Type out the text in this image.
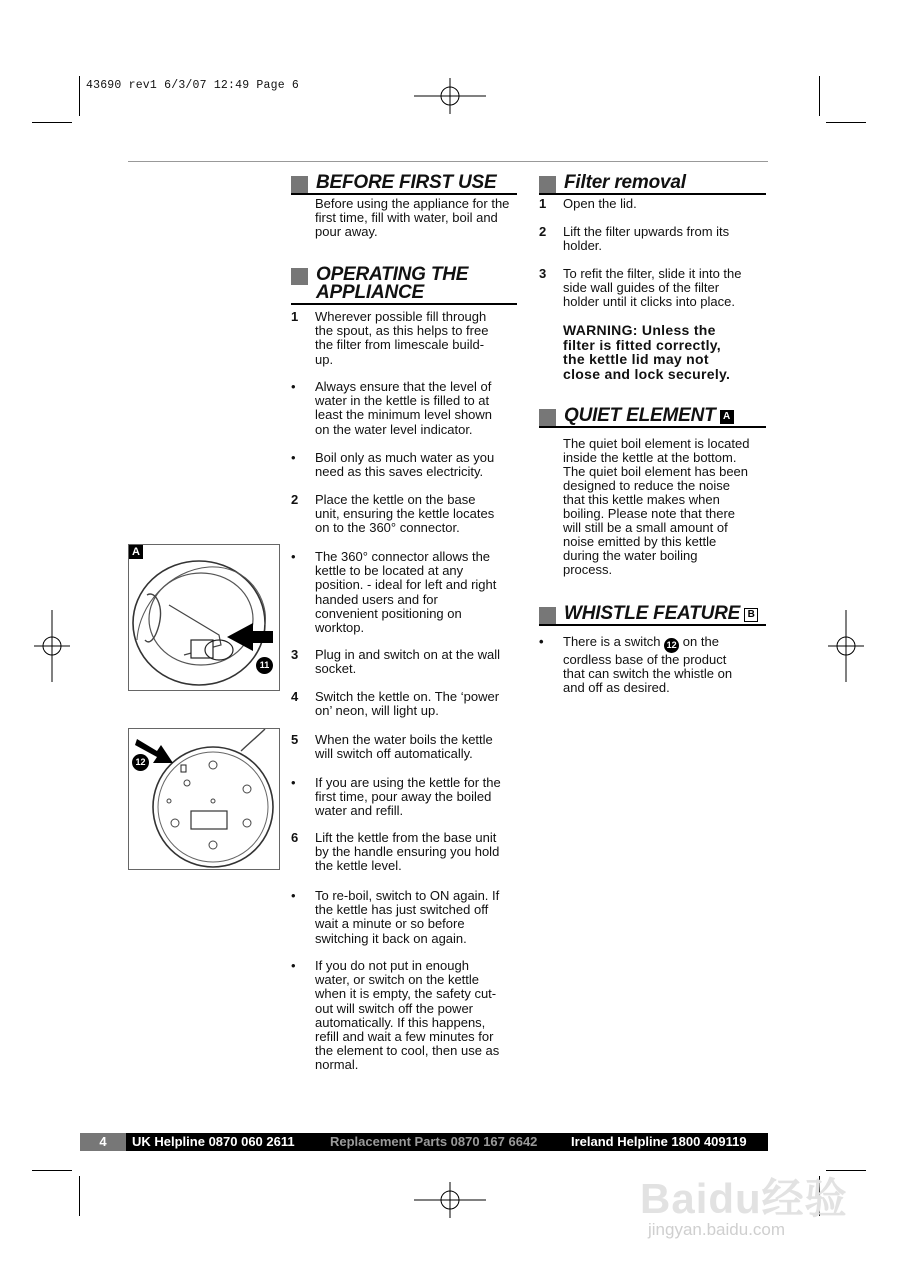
43690 rev1 6/3/07 12:49 Page 6
BEFORE FIRST USE
Before using the appliance for the first time, fill with water, boil and pour away.
OPERATING THE
APPLIANCE
1	Wherever possible fill through
the spout, as this helps to free
the filter from limescale build-
up.
•	Always ensure that the level of
water in the kettle is filled to at
least the minimum level shown
on the water level indicator.
•	Boil only as much water as you
need as this saves electricity.
2	Place the kettle on the base
unit, ensuring the kettle locates
on to the 360° connector.
•	The 360° connector allows the
kettle to be located at any
position. - ideal for left and right
handed users and for
convenient positioning on
worktop.
3	Plug in and switch on at the wall
socket.
4	Switch the kettle on. The ‘power
on’ neon, will light up.
5	When the water boils the kettle
will switch off automatically.
•	If you are using the kettle for the
first time, pour away the boiled
water and refill.
6	Lift the kettle from the base unit
by the handle ensuring you hold
the kettle level.
•	To re-boil, switch to ON again. If
the kettle has just switched off
wait a minute or so before
switching it back on again.
•	If you do not put in enough
water, or switch on the kettle
when it is empty, the safety cut-
out will switch off the power
automatically. If this happens,
refill and wait a few minutes for
the element to cool, then use as
normal.
A
11
12
Filter removal
1	Open the lid.
2	Lift the filter upwards from its
holder.
3	To refit the filter, slide it into the
side wall guides of the filter
holder until it clicks into place.
WARNING: Unless the
filter is fitted correctly,
the kettle lid may not
close and lock securely.
QUIET ELEMENT A
The quiet boil element is located
inside the kettle at the bottom.
The quiet boil element has been
designed to reduce the noise
that this kettle makes when
boiling. Please note that there
will still be a small amount of
noise emitted by this kettle
during the water boiling
process.
WHISTLE FEATURE B
•	There is a switch 12 on the
cordless base of the product
that can switch the whistle on
and off as desired.
4	UK Helpline 0870 060 2611	Replacement Parts 0870 167 6642	Ireland Helpline 1800 409119
Baidu经验
jingyan.baidu.com
